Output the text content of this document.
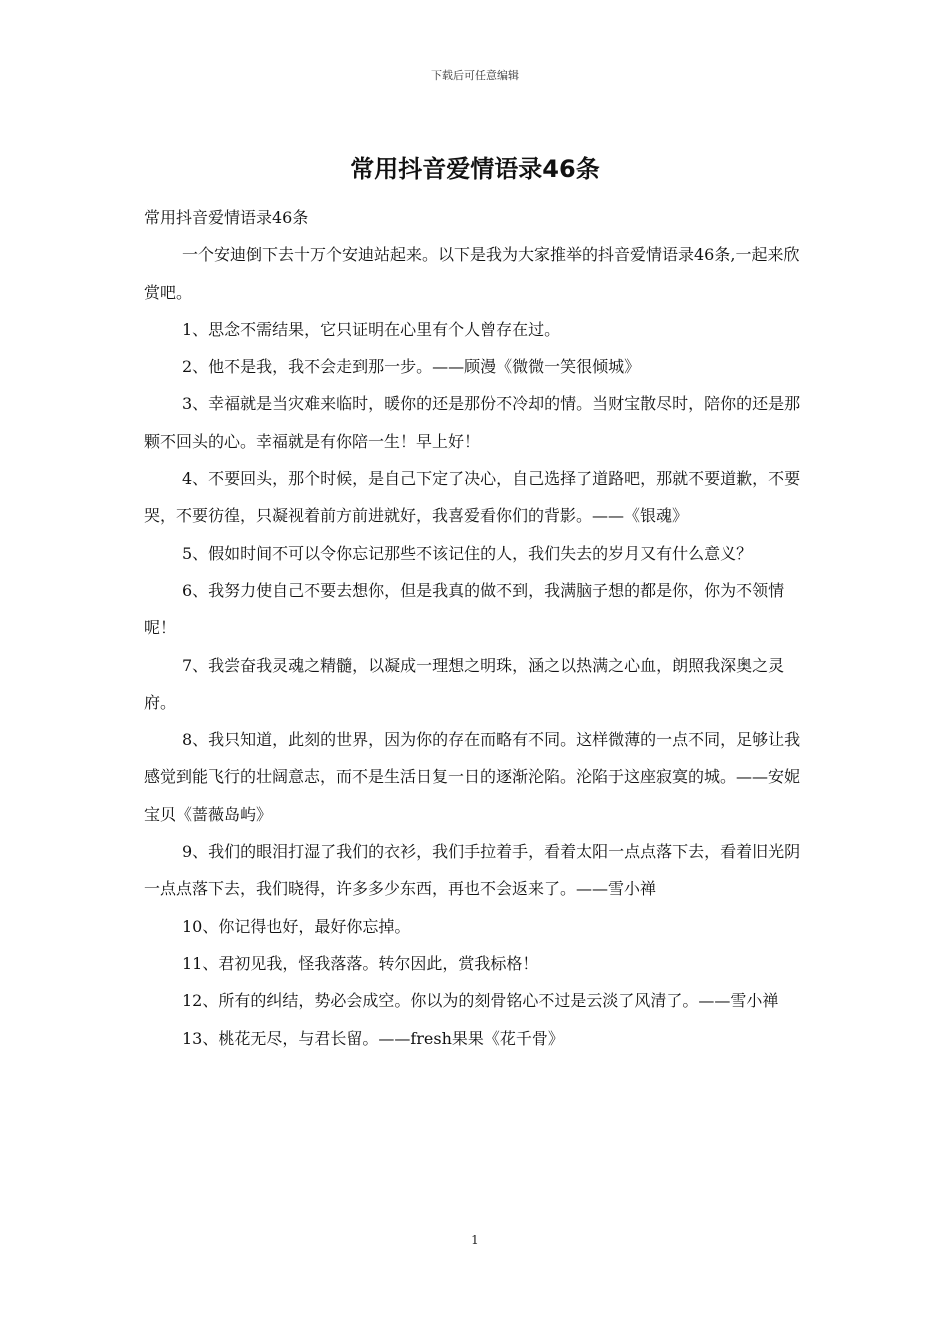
下载后可任意编辑
常用抖音爱情语录46条

常用抖音爱情语录46条

一个安迪倒下去十万个安迪站起来。以下是我为大家推举的抖音爱情语录46条,一起来欣赏吧。

1、思念不需结果，它只证明在心里有个人曾存在过。

2、他不是我，我不会走到那一步。——顾漫《微微一笑很倾城》

3、幸福就是当灾难来临时，暖你的还是那份不冷却的情。当财宝散尽时，陪你的还是那颗不回头的心。幸福就是有你陪一生！早上好！

4、不要回头，那个时候，是自己下定了决心，自己选择了道路吧，那就不要道歉，不要哭，不要彷徨，只凝视着前方前进就好，我喜爱看你们的背影。——《银魂》

5、假如时间不可以令你忘记那些不该记住的人，我们失去的岁月又有什么意义？

6、我努力使自己不要去想你，但是我真的做不到，我满脑子想的都是你，你为不领情呢！

7、我尝奋我灵魂之精髓，以凝成一理想之明珠，涵之以热满之心血，朗照我深奥之灵府。

8、我只知道，此刻的世界，因为你的存在而略有不同。这样微薄的一点不同，足够让我感觉到能飞行的壮阔意志，而不是生活日复一日的逐渐沦陷。沦陷于这座寂寞的城。——安妮宝贝《蔷薇岛屿》

9、我们的眼泪打湿了我们的衣衫，我们手拉着手，看着太阳一点点落下去，看着旧光阴一点点落下去，我们晓得，许多多少东西，再也不会返来了。——雪小禅

10、你记得也好，最好你忘掉。

11、君初见我，怪我落落。转尔因此，赏我标格！

12、所有的纠结，势必会成空。你以为的刻骨铭心不过是云淡了风清了。——雪小禅

13、桃花无尽，与君长留。——fresh果果《花千骨》

1
